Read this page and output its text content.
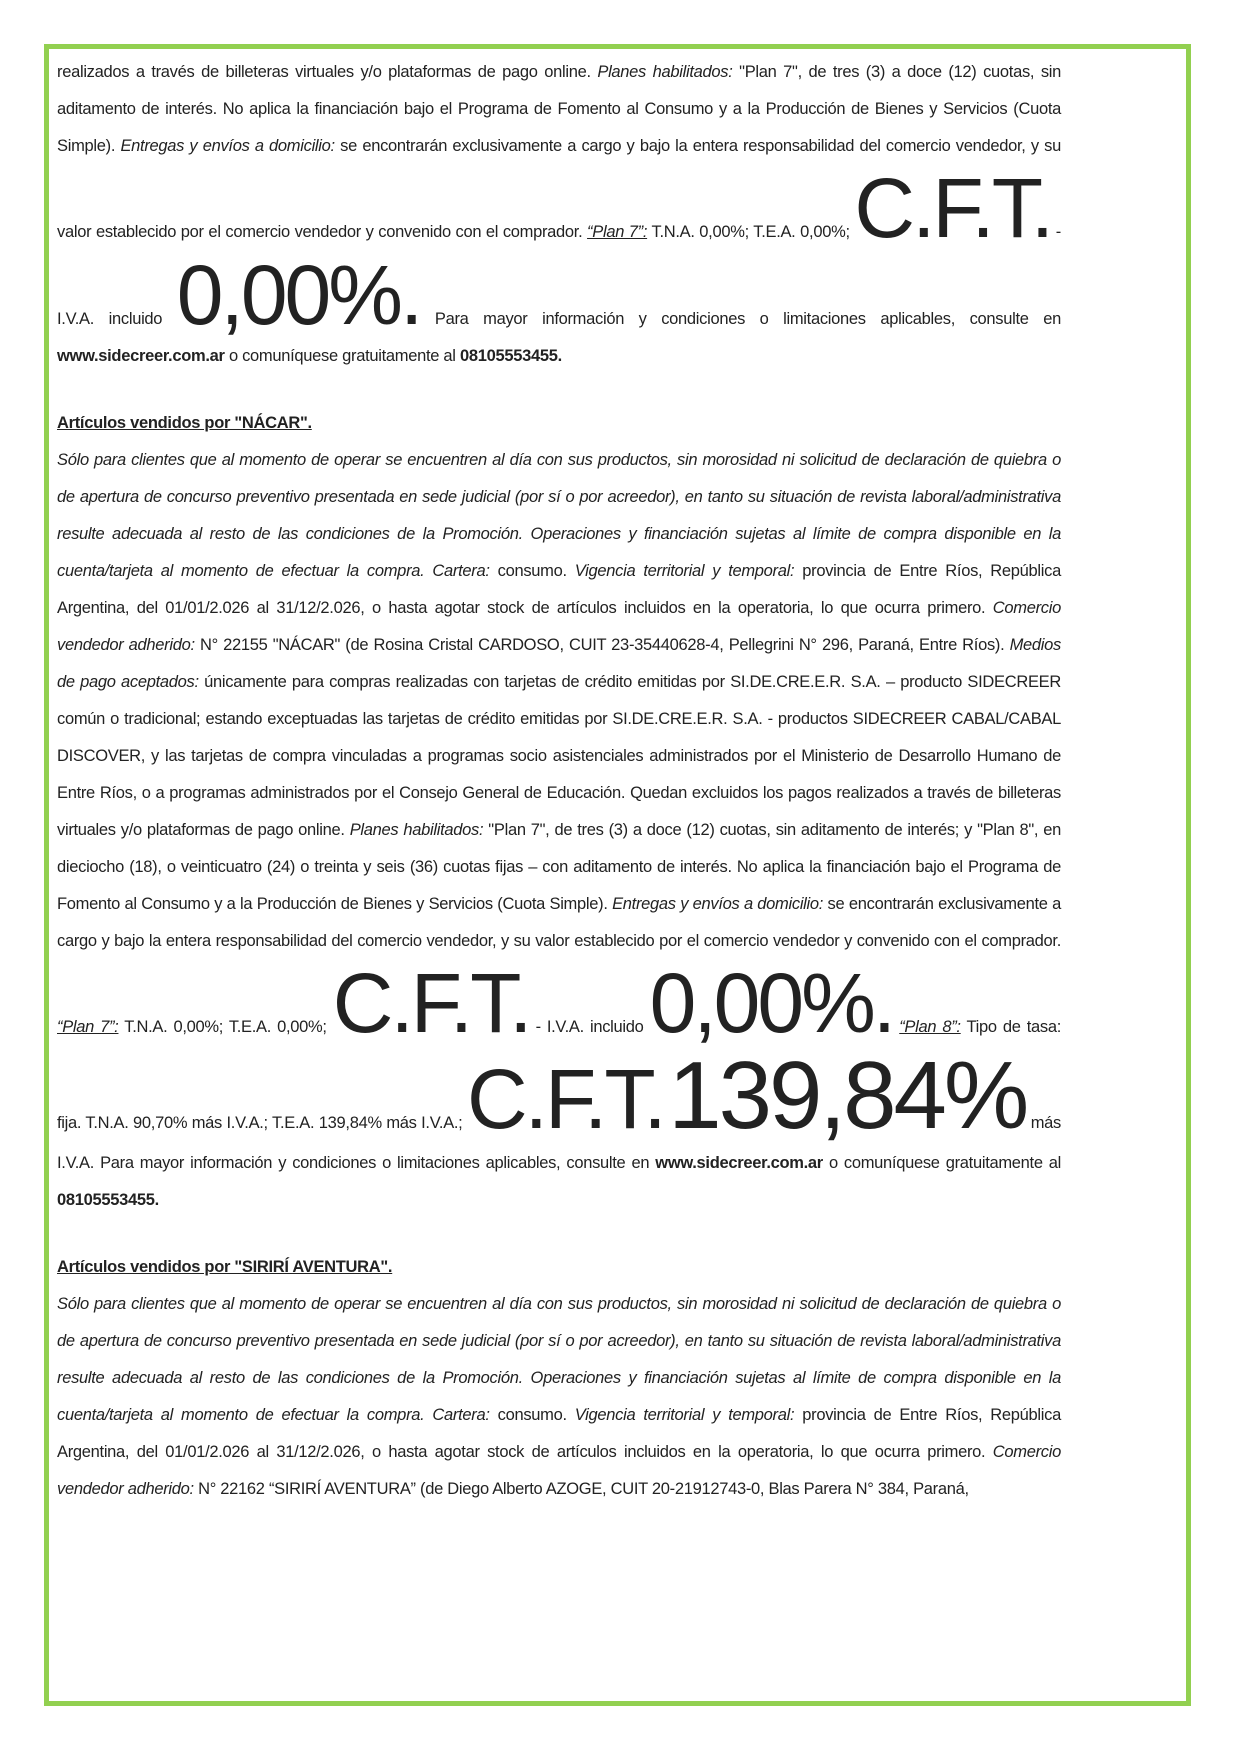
realizados a través de billeteras virtuales y/o plataformas de pago online. Planes habilitados: "Plan 7", de tres (3) a doce (12) cuotas, sin aditamento de interés. No aplica la financiación bajo el Programa de Fomento al Consumo y a la Producción de Bienes y Servicios (Cuota Simple). Entregas y envíos a domicilio: se encontrarán exclusivamente a cargo y bajo la entera responsabilidad del comercio vendedor, y su valor establecido por el comercio vendedor y convenido con el comprador. “Plan 7”: T.N.A. 0,00%; T.E.A. 0,00%; C.F.T. - I.V.A. incluido 0,00%. Para mayor información y condiciones o limitaciones aplicables, consulte en www.sidecreer.com.ar o comuníquese gratuitamente al 08105553455.

Artículos vendidos por "NÁCAR".

Sólo para clientes que al momento de operar se encuentren al día con sus productos, sin morosidad ni solicitud de declaración de quiebra o de apertura de concurso preventivo presentada en sede judicial (por sí o por acreedor), en tanto su situación de revista laboral/administrativa resulte adecuada al resto de las condiciones de la Promoción. Operaciones y financiación sujetas al límite de compra disponible en la cuenta/tarjeta al momento de efectuar la compra. Cartera: consumo. Vigencia territorial y temporal: provincia de Entre Ríos, República Argentina, del 01/01/2.026 al 31/12/2.026, o hasta agotar stock de artículos incluidos en la operatoria, lo que ocurra primero. Comercio vendedor adherido: N° 22155 "NÁCAR" (de Rosina Cristal CARDOSO, CUIT 23-35440628-4, Pellegrini N° 296, Paraná, Entre Ríos). Medios de pago aceptados: únicamente para compras realizadas con tarjetas de crédito emitidas por SI.DE.CRE.E.R. S.A. – producto SIDECREER común o tradicional; estando exceptuadas las tarjetas de crédito emitidas por SI.DE.CRE.E.R. S.A. - productos SIDECREER CABAL/CABAL DISCOVER, y las tarjetas de compra vinculadas a programas socio asistenciales administrados por el Ministerio de Desarrollo Humano de Entre Ríos, o a programas administrados por el Consejo General de Educación. Quedan excluidos los pagos realizados a través de billeteras virtuales y/o plataformas de pago online. Planes habilitados: "Plan 7", de tres (3) a doce (12) cuotas, sin aditamento de interés; y "Plan 8", en dieciocho (18), o veinticuatro (24) o treinta y seis (36) cuotas fijas – con aditamento de interés. No aplica la financiación bajo el Programa de Fomento al Consumo y a la Producción de Bienes y Servicios (Cuota Simple). Entregas y envíos a domicilio: se encontrarán exclusivamente a cargo y bajo la entera responsabilidad del comercio vendedor, y su valor establecido por el comercio vendedor y convenido con el comprador. “Plan 7”: T.N.A. 0,00%; T.E.A. 0,00%; C.F.T. - I.V.A. incluido 0,00%. “Plan 8”: Tipo de tasa: fija. T.N.A. 90,70% más I.V.A.; T.E.A. 139,84% más I.V.A.; C.F.T. 139,84% más I.V.A. Para mayor información y condiciones o limitaciones aplicables, consulte en www.sidecreer.com.ar o comuníquese gratuitamente al 08105553455.

Artículos vendidos por "SIRIRÍ AVENTURA".

Sólo para clientes que al momento de operar se encuentren al día con sus productos, sin morosidad ni solicitud de declaración de quiebra o de apertura de concurso preventivo presentada en sede judicial (por sí o por acreedor), en tanto su situación de revista laboral/administrativa resulte adecuada al resto de las condiciones de la Promoción. Operaciones y financiación sujetas al límite de compra disponible en la cuenta/tarjeta al momento de efectuar la compra. Cartera: consumo. Vigencia territorial y temporal: provincia de Entre Ríos, República Argentina, del 01/01/2.026 al 31/12/2.026, o hasta agotar stock de artículos incluidos en la operatoria, lo que ocurra primero. Comercio vendedor adherido: N° 22162 “SIRIRÍ AVENTURA” (de Diego Alberto AZOGE, CUIT 20-21912743-0, Blas Parera N° 384, Paraná,
